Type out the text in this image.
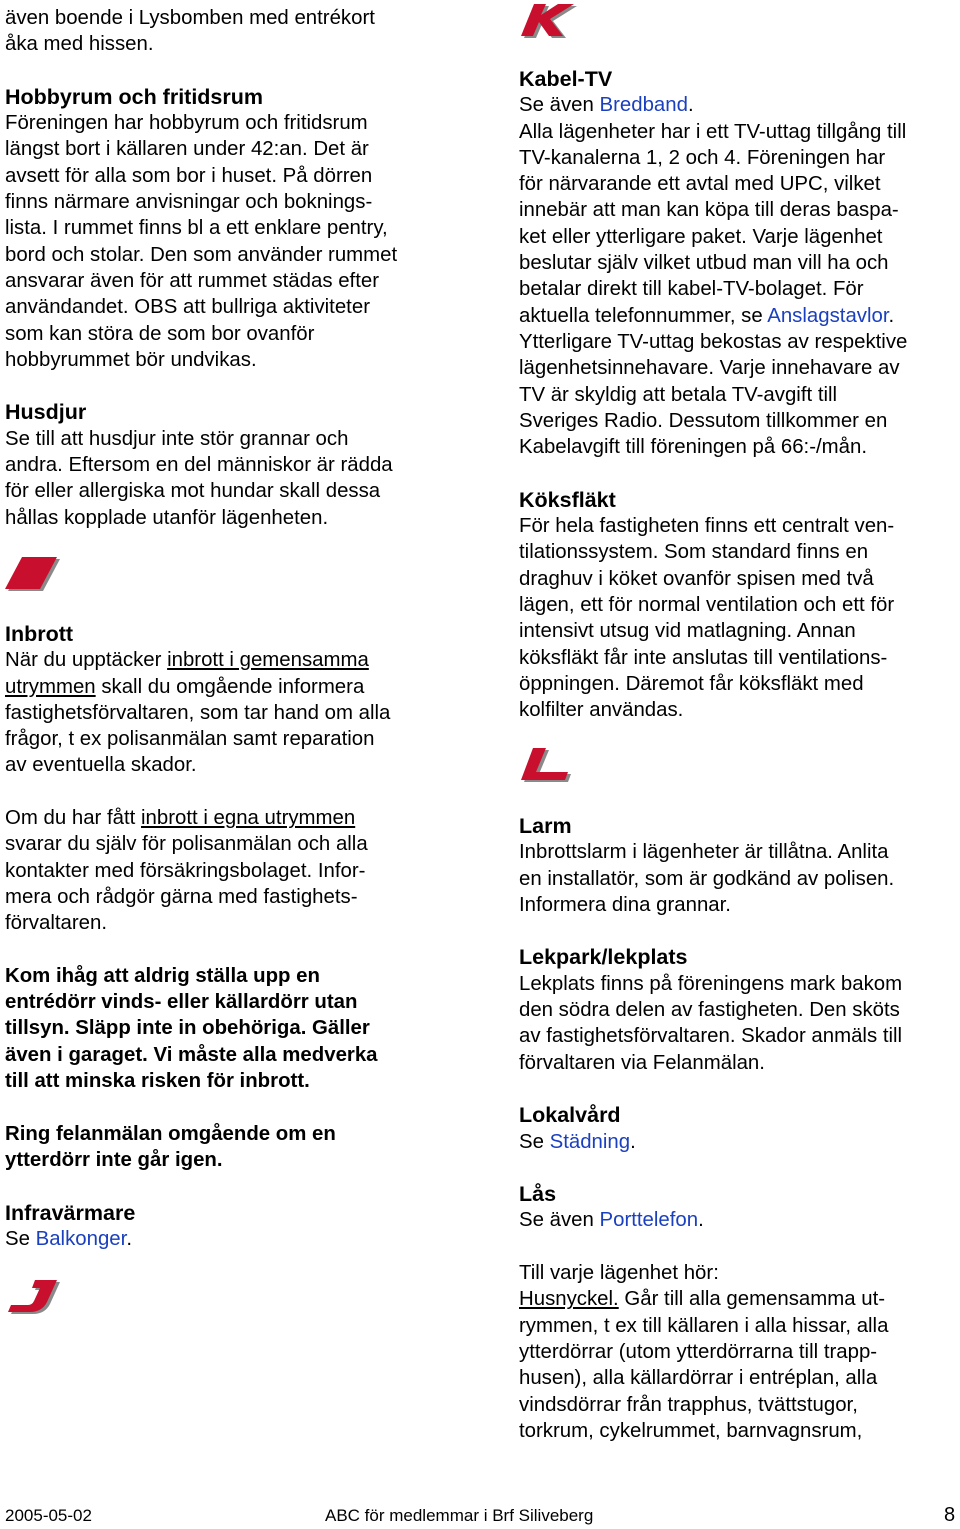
även boende i Lysbomben med entrékort
åka med hissen.
Hobbyrum och fritidsrum
Föreningen har hobbyrum och fritidsrum
längst bort i källaren under 42:an. Det är
avsett för alla som bor i huset. På dörren
finns närmare anvisningar och boknings-
lista. I rummet finns bl a ett enklare pentry,
bord och stolar. Den som använder rummet
ansvarar även för att rummet städas efter
användandet. OBS att bullriga aktiviteter
som kan störa de som bor ovanför
hobbyrummet bör undvikas.
Husdjur
Se till att husdjur inte stör grannar och
andra. Eftersom en del människor är rädda
för eller allergiska mot hundar skall dessa
hållas kopplade utanför lägenheten.
Inbrott
När du upptäcker inbrott i gemensamma
utrymmen skall du omgående informera
fastighetsförvaltaren, som tar hand om alla
frågor, t ex polisanmälan samt reparation
av eventuella skador.
Om du har fått inbrott i egna utrymmen
svarar du själv för polisanmälan och alla
kontakter med försäkringsbolaget. Infor-
mera och rådgör gärna med fastighets-
förvaltaren.
Kom ihåg att aldrig ställa upp en
entrédörr vinds- eller källardörr utan
tillsyn. Släpp inte in obehöriga. Gäller
även i garaget. Vi måste alla medverka
till att minska risken för inbrott.
Ring felanmälan omgående om en
ytterdörr inte går igen.
Infravärmare
Se Balkonger.
Kabel-TV
Se även Bredband.
Alla lägenheter har i ett TV-uttag tillgång till
TV-kanalerna 1, 2 och 4. Föreningen har
för närvarande ett avtal med UPC, vilket
innebär att man kan köpa till deras baspa-
ket eller ytterligare paket. Varje lägenhet
beslutar själv vilket utbud man vill ha och
betalar direkt till kabel-TV-bolaget. För
aktuella telefonnummer, se Anslagstavlor.
Ytterligare TV-uttag bekostas av respektive
lägenhetsinnehavare. Varje innehavare av
TV är skyldig att betala TV-avgift till
Sveriges Radio. Dessutom tillkommer en
Kabelavgift till föreningen på 66:-/mån.
Köksfläkt
För hela fastigheten finns ett centralt ven-
tilationssystem. Som standard finns en
draghuv i köket ovanför spisen med två
lägen, ett för normal ventilation och ett för
intensivt utsug vid matlagning. Annan
köksfläkt får inte anslutas till ventilations-
öppningen. Däremot får köksfläkt med
kolfilter användas.
Larm
Inbrottslarm i lägenheter är tillåtna. Anlita
en installatör, som är godkänd av polisen.
Informera dina grannar.
Lekpark/lekplats
Lekplats finns på föreningens mark bakom
den södra delen av fastigheten. Den sköts
av fastighetsförvaltaren. Skador anmäls till
förvaltaren via Felanmälan.
Lokalvård
Se Städning.
Lås
Se även Porttelefon.
Till varje lägenhet hör:
Husnyckel. Går till alla gemensamma ut-
rymmen, t ex till källaren i alla hissar, alla
ytterdörrar (utom ytterdörrarna till trapp-
husen), alla källardörrar i entréplan, alla
vindsdörrar från trapphus, tvättstugor,
torkrum, cykelrummet, barnvagnsrum,
2005-05-02	ABC för medlemmar i Brf Siliveberg	8
